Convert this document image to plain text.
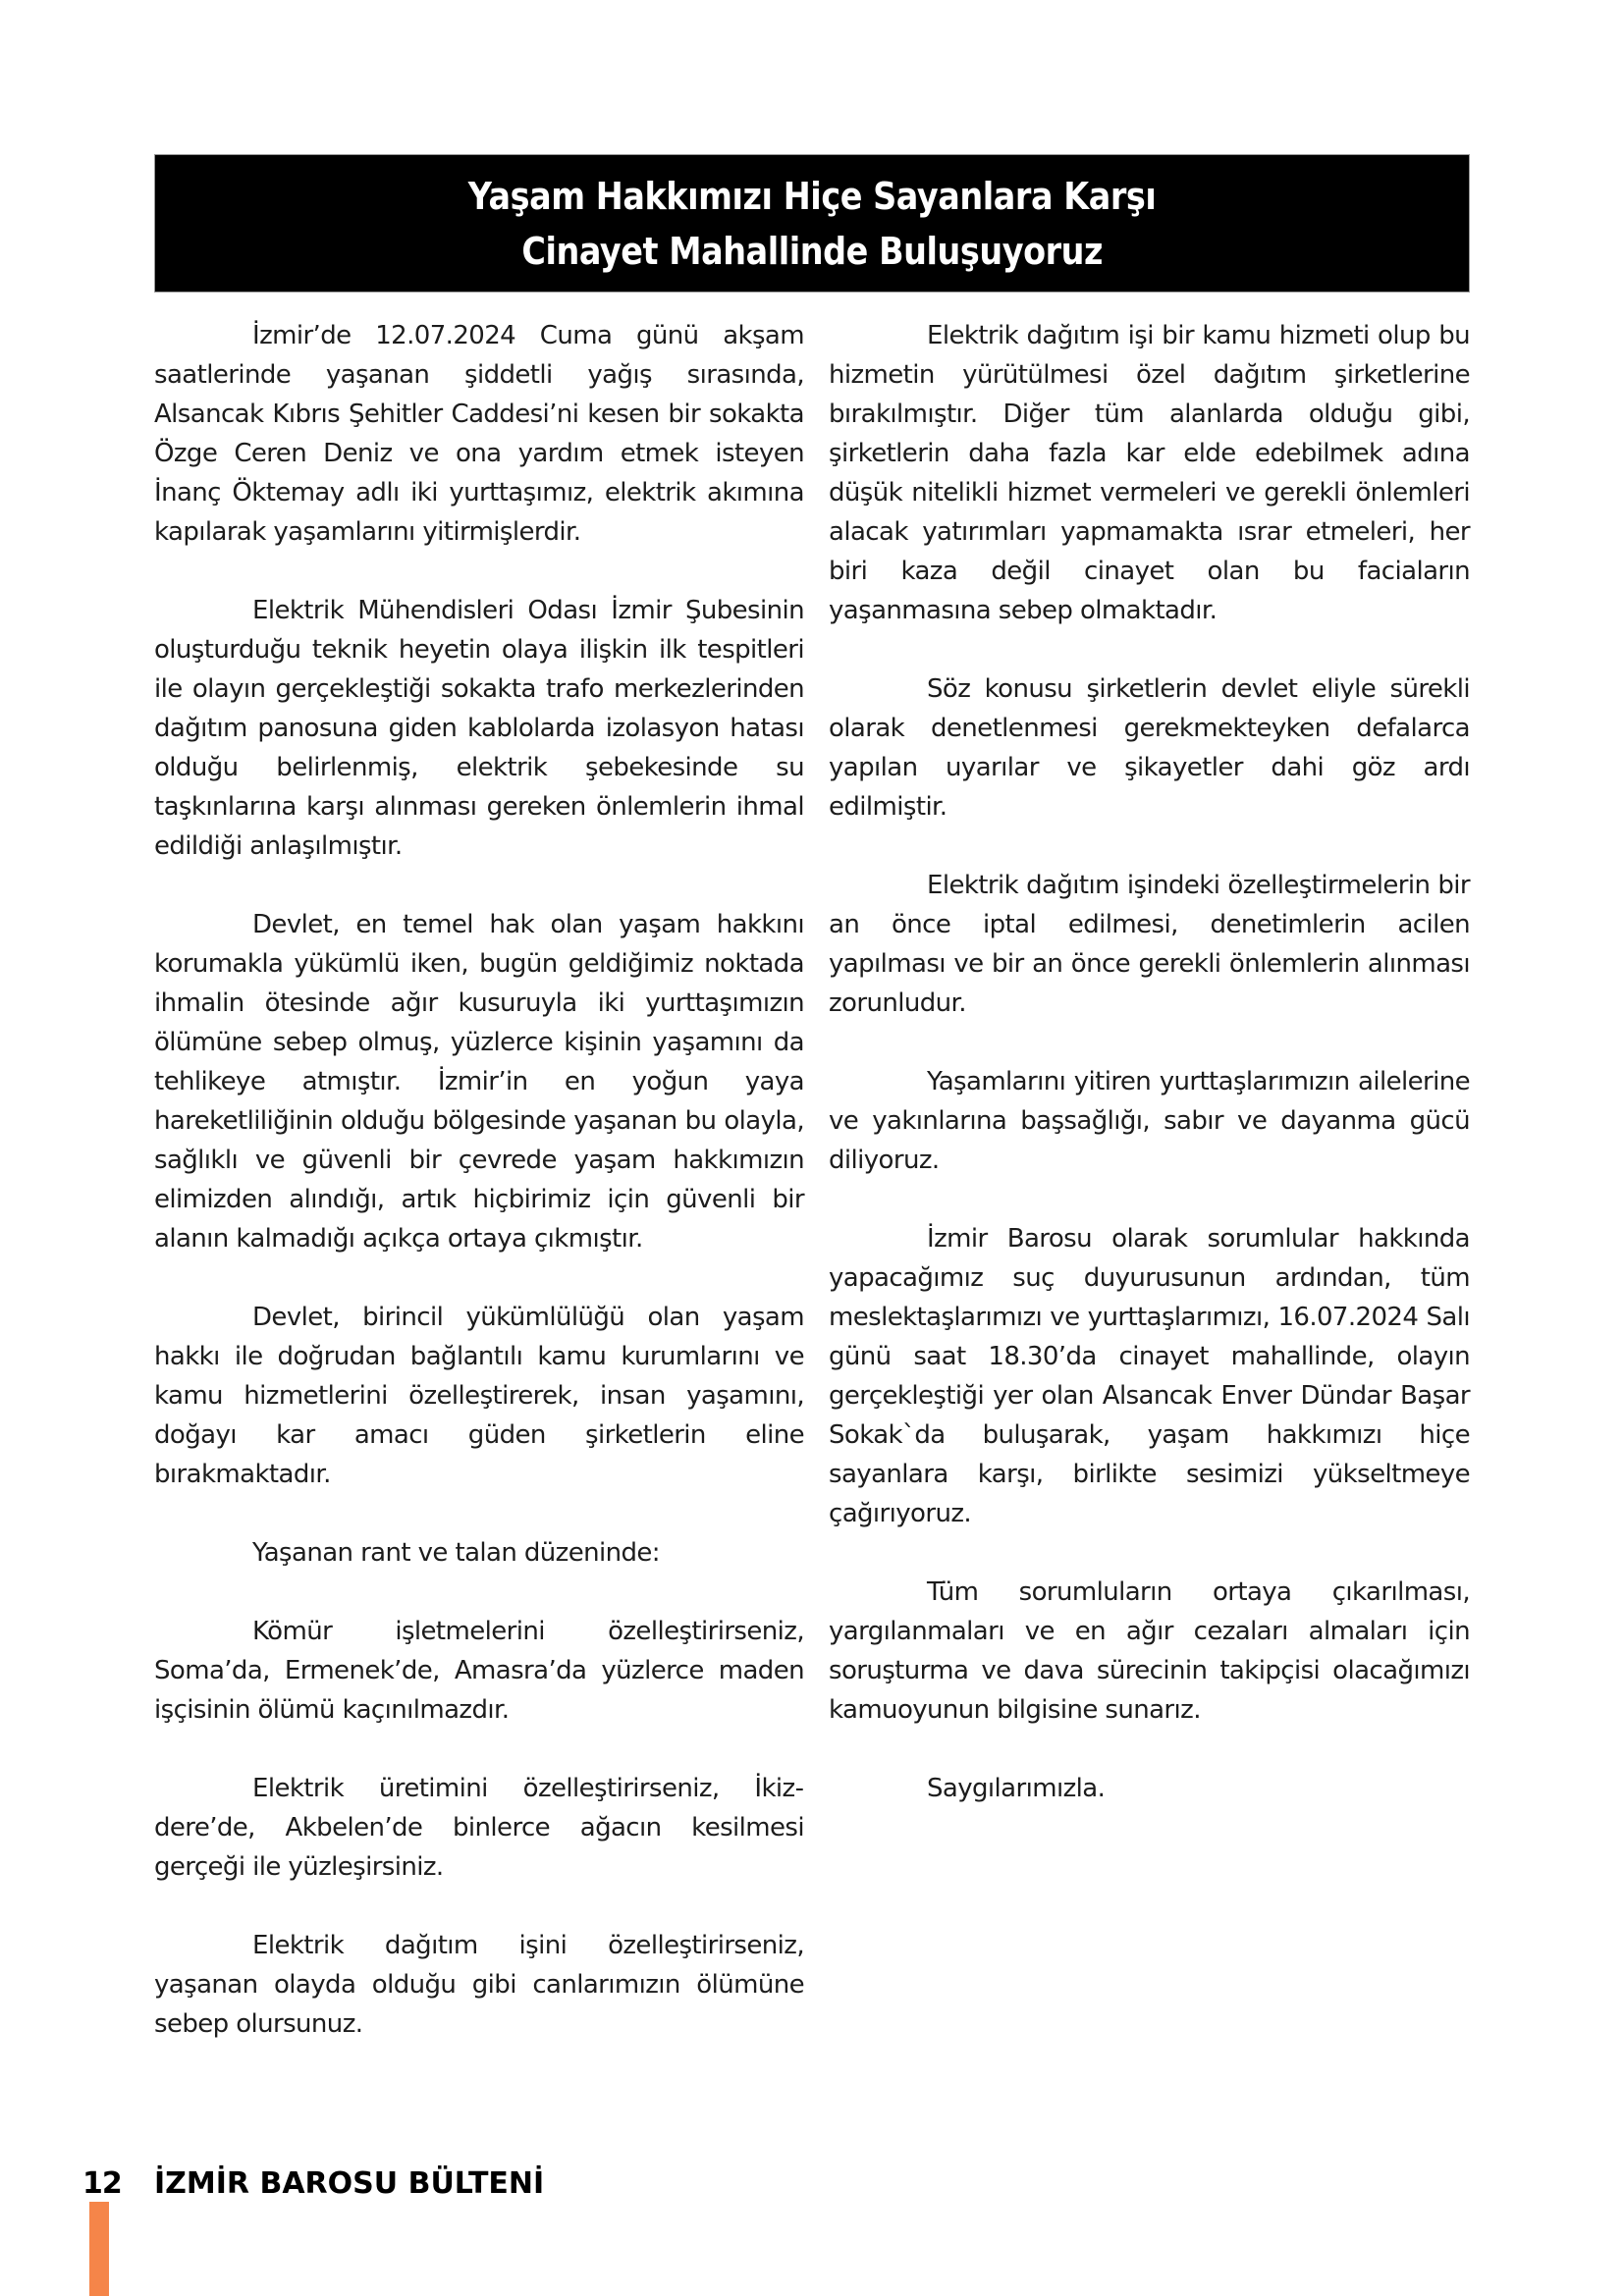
Yaşam Hakkımızı Hiçe Sayanlara Karşı
Cinayet Mahallinde Buluşuyoruz

İzmir’de 12.07.2024 Cuma günü akşam saatlerinde yaşanan şiddetli yağış sırasında, Alsancak Kıbrıs Şehitler Caddesi’ni kesen bir sokakta Özge Ceren Deniz ve ona yardım etmek isteyen İnanç Öktemay adlı iki yurttaşımız, elektrik akımına kapılarak yaşamlarını yitirmişlerdir.

Elektrik Mühendisleri Odası İzmir Şubesinin oluşturduğu teknik heyetin olaya ilişkin ilk tespitleri ile olayın gerçekleştiği sokakta trafo merkezlerinden dağıtım panosuna giden kablolarda izolasyon hatası olduğu belirlenmiş, elektrik şebekesinde su taşkınlarına karşı alınması gereken önlemlerin ihmal edildiği anlaşılmıştır.

Devlet, en temel hak olan yaşam hakkını korumakla yükümlü iken, bugün geldiğimiz noktada ihmalin ötesinde ağır kusuruyla iki yurttaşımızın ölümüne sebep olmuş, yüzlerce kişinin yaşamını da tehlikeye atmıştır. İzmir’in en yoğun yaya hareketliliğinin olduğu bölgesinde yaşanan bu olayla, sağlıklı ve güvenli bir çevrede yaşam hakkımızın elimizden alındığı, artık hiçbirimiz için güvenli bir alanın kalmadığı açıkça ortaya çıkmıştır.

Devlet, birincil yükümlülüğü olan yaşam hakkı ile doğrudan bağlantılı kamu kurumlarını ve kamu hizmetlerini özelleştirerek, insan yaşamını, doğayı kar amacı güden şirketlerin eline bırakmaktadır.

Yaşanan rant ve talan düzeninde:

Kömür işletmelerini özelleştirirseniz, Soma’da, Ermenek’de, Amasra’da yüzlerce maden işçisinin ölümü kaçınılmazdır.

Elektrik üretimini özelleştirirseniz, İkizdere’de, Akbelen’de binlerce ağacın kesilmesi gerçeği ile yüzleşirsiniz.

Elektrik dağıtım işini özelleştirirseniz, yaşanan olayda olduğu gibi canlarımızın ölümüne sebep olursunuz.

Elektrik dağıtım işi bir kamu hizmeti olup bu hizmetin yürütülmesi özel dağıtım şirketlerine bırakılmıştır. Diğer tüm alanlarda olduğu gibi, şirketlerin daha fazla kar elde edebilmek adına düşük nitelikli hizmet vermeleri ve gerekli önlemleri alacak yatırımları yapmamakta ısrar etmeleri, her biri kaza değil cinayet olan bu faciaların yaşanmasına sebep olmaktadır.

Söz konusu şirketlerin devlet eliyle sürekli olarak denetlenmesi gerekmekteyken defalarca yapılan uyarılar ve şikayetler dahi göz ardı edilmiştir.

Elektrik dağıtım işindeki özelleştirmelerin bir an önce iptal edilmesi, denetimlerin acilen yapılması ve bir an önce gerekli önlemlerin alınması zorunludur.

Yaşamlarını yitiren yurttaşlarımızın ailelerine ve yakınlarına başsağlığı, sabır ve dayanma gücü diliyoruz.

İzmir Barosu olarak sorumlular hakkında yapacağımız suç duyurusunun ardından, tüm meslektaşlarımızı ve yurttaşlarımızı, 16.07.2024 Salı günü saat 18.30’da cinayet mahallinde, olayın gerçekleştiği yer olan Alsancak Enver Dündar Başar Sokak`da buluşarak, yaşam hakkımızı hiçe sayanlara karşı, birlikte sesimizi yükseltmeye çağırıyoruz.

Tüm sorumluların ortaya çıkarılması, yargılanmaları ve en ağır cezaları almaları için soruşturma ve dava sürecinin takipçisi olacağımızı kamuoyunun bilgisine sunarız.

Saygılarımızla.

12 İZMİR BAROSU BÜLTENİ
